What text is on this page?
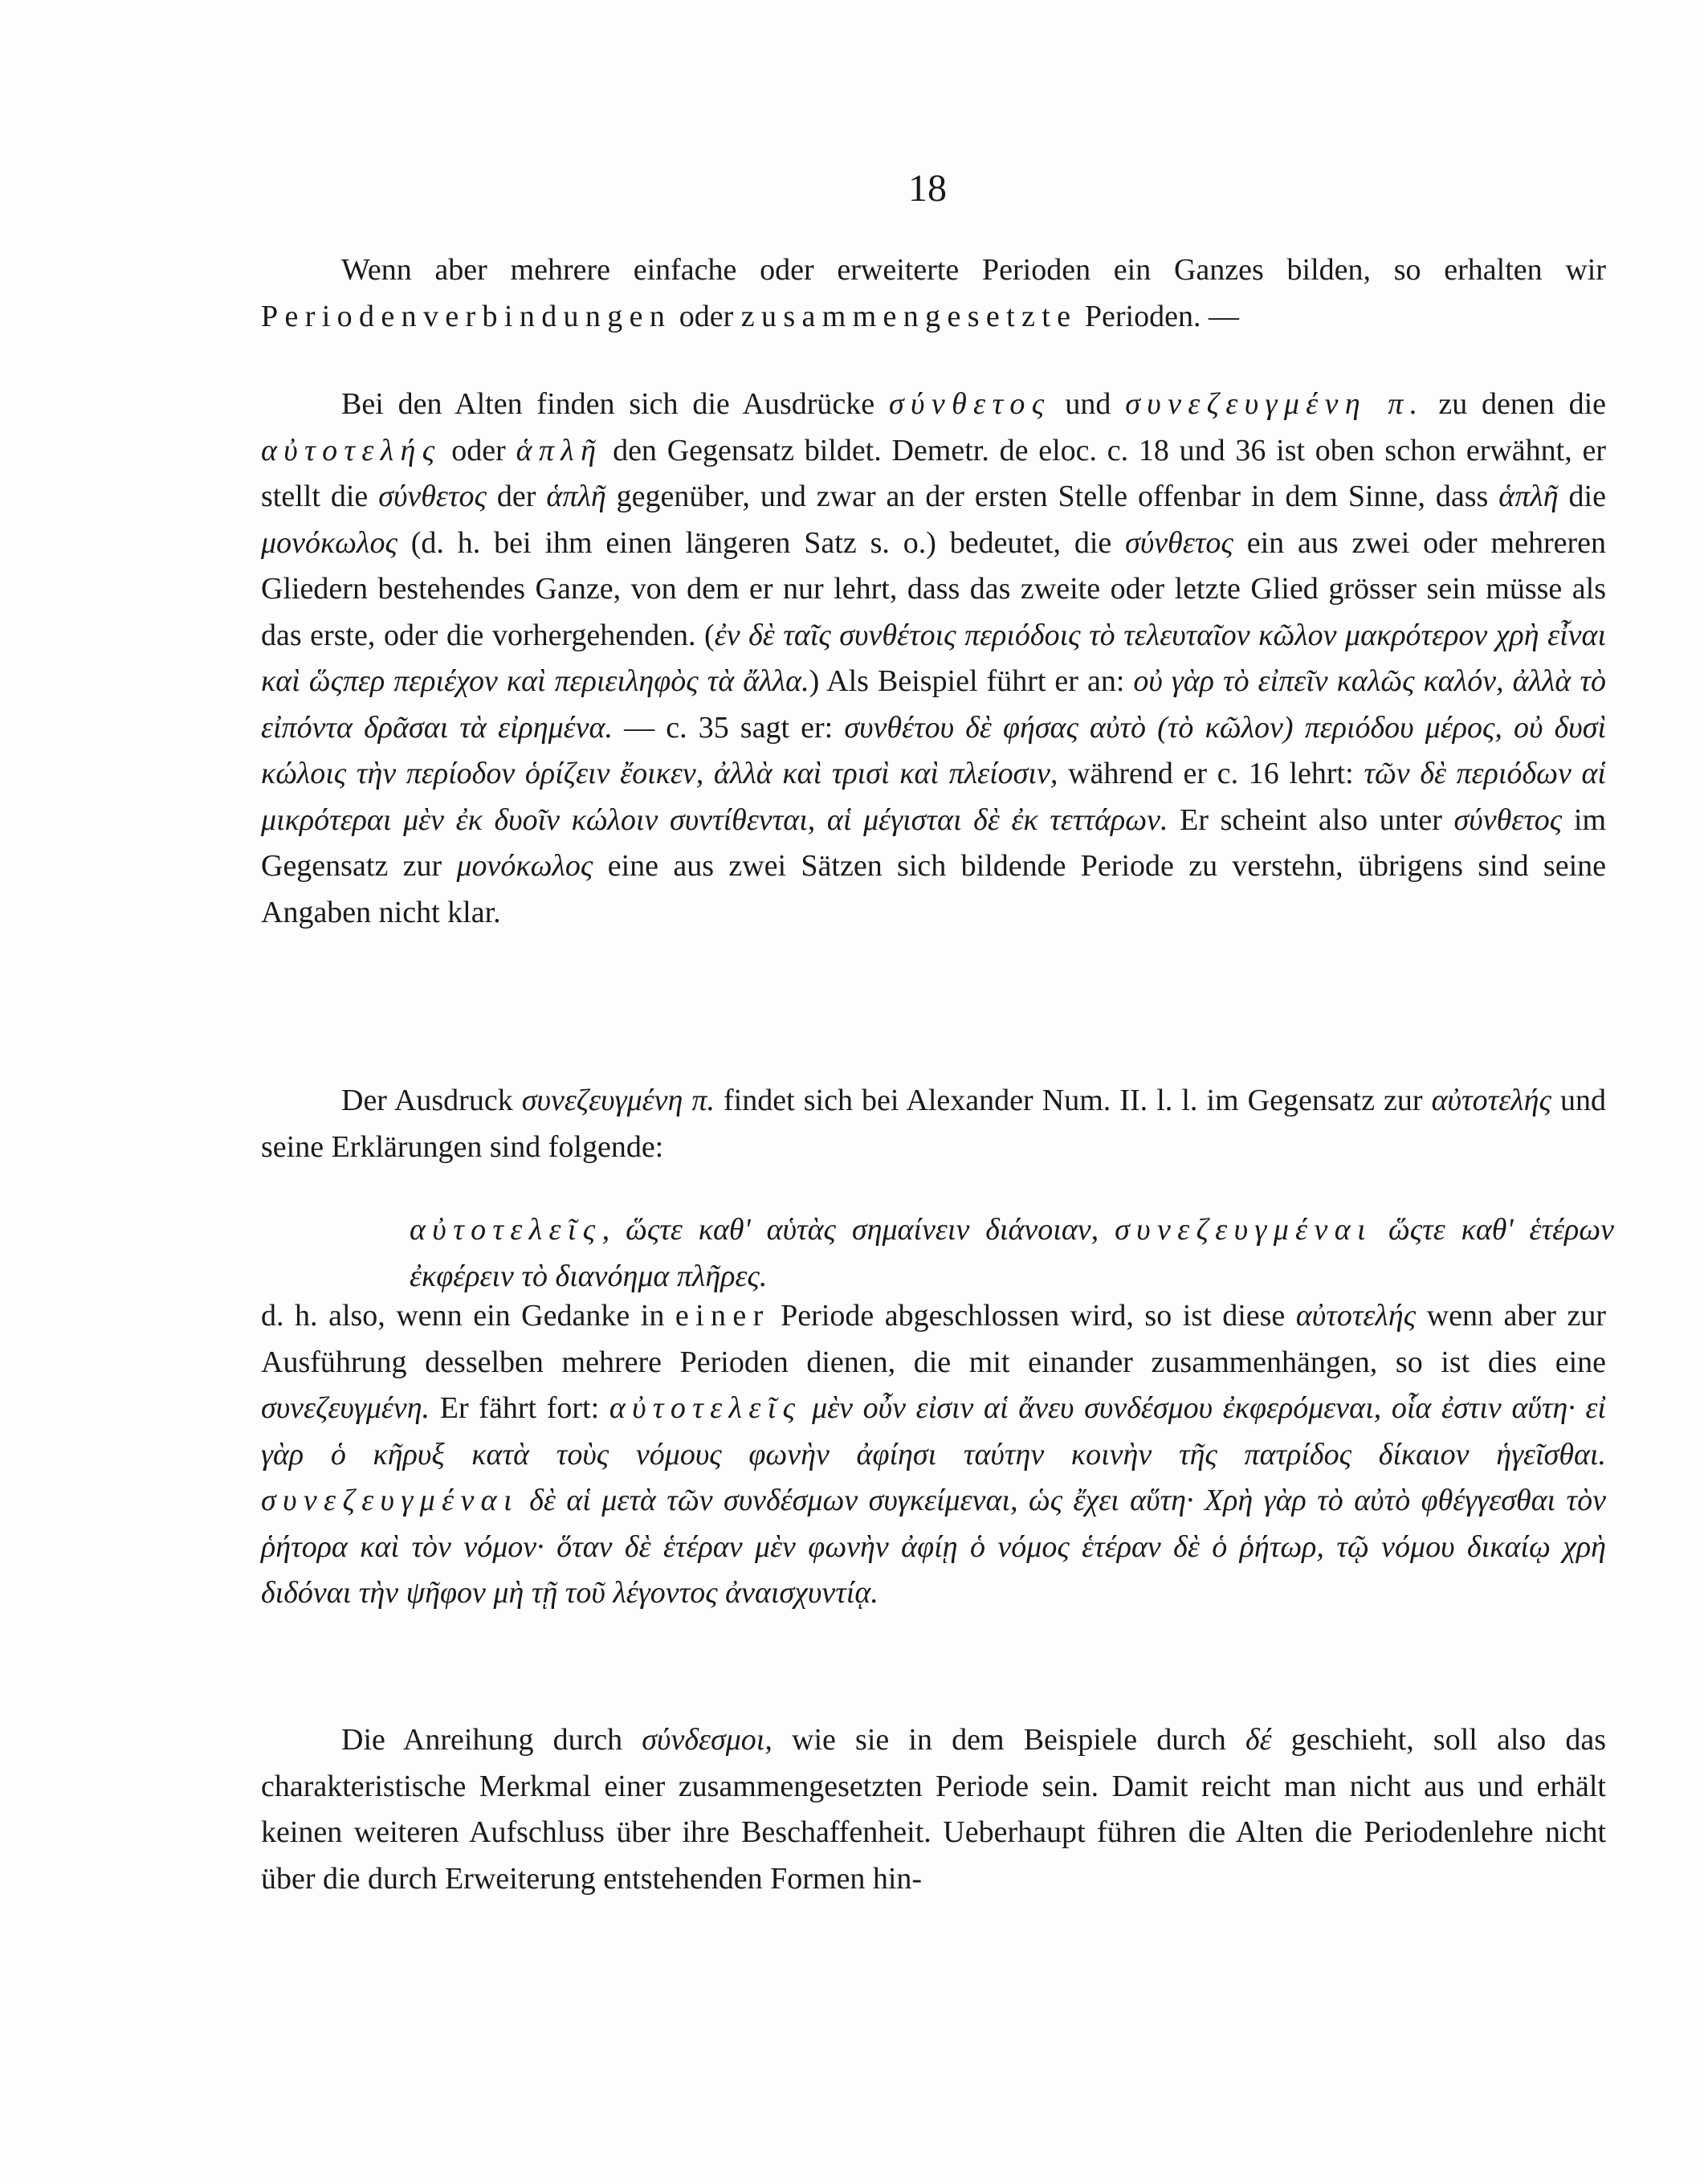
18

Wenn aber mehrere einfache oder erweiterte Perioden ein Ganzes bilden, so erhalten wir Periodenverbindungen oder zusammengesetzte Perioden. —

Bei den Alten finden sich die Ausdrücke σύνθετος und συνεζευγμένη π. zu denen die αὐτοτελής oder ἁπλῆ den Gegensatz bildet. Demetr. de eloc. c. 18 und 36 ist oben schon erwähnt, er stellt die σύνθετος der ἁπλῆ gegenüber, und zwar an der ersten Stelle offenbar in dem Sinne, dass ἁπλῆ die μονόκωλος (d. h. bei ihm einen längeren Satz s. o.) bedeutet, die σύνθετος ein aus zwei oder mehreren Gliedern bestehendes Ganze, von dem er nur lehrt, dass das zweite oder letzte Glied grösser sein müsse als das erste, oder die vorhergehenden. (ἐν δὲ ταῖς συνθέτοις περιόδοις τὸ τελευταῖον κῶλον μακρότερον χρὴ εἶναι καὶ ὥςπερ περιέχον καὶ περιειληφὸς τὰ ἄλλα.) Als Beispiel führt er an: οὐ γὰρ τὸ εἰπεῖν καλῶς καλόν, ἀλλὰ τὸ εἰπόντα δρᾶσαι τὰ εἰρημένα. — c. 35 sagt er: συνθέτου δὲ φήσας αὐτὸ (τὸ κῶλον) περιόδου μέρος, οὐ δυσὶ κώλοις τὴν περίοδον ὁρίζειν ἔοικεν, ἀλλὰ καὶ τρισὶ καὶ πλείοσιν, während er c. 16 lehrt: τῶν δὲ περιόδων αἱ μικρότεραι μὲν ἐκ δυοῖν κώλοιν συντίθενται, αἱ μέγισται δὲ ἐκ τεττάρων. Er scheint also unter σύνθετος im Gegensatz zur μονόκωλος eine aus zwei Sätzen sich bildende Periode zu verstehn, übrigens sind seine Angaben nicht klar.

Der Ausdruck συνεζευγμένη π. findet sich bei Alexander Num. II. l. l. im Gegensatz zur αὐτοτελής und seine Erklärungen sind folgende:

αὐτοτελεῖς, ὥςτε καθ' αὑτὰς σημαίνειν διάνοιαν, συνεζευγμέναι ὥςτε καθ' ἑτέρων ἐκφέρειν τὸ διανόημα πλῆρες.

d. h. also, wenn ein Gedanke in einer Periode abgeschlossen wird, so ist diese αὐτοτελής wenn aber zur Ausführung desselben mehrere Perioden dienen, die mit einander zusammenhängen, so ist dies eine συνεζευγμένη. Er fährt fort: αὐτοτελεῖς μὲν οὖν εἰσιν αἱ ἄνευ συνδέσμου ἐκφερόμεναι, οἷα ἐστιν αὕτη· εἰ γὰρ ὁ κῆρυξ κατὰ τοὺς νόμους φωνὴν ἀφίησι ταύτην κοινὴν τῆς πατρίδος δίκαιον ἡγεῖσθαι. συνεζευγμέναι δὲ αἱ μετὰ τῶν συνδέσμων συγκείμεναι, ὡς ἔχει αὕτη· Χρὴ γὰρ τὸ αὐτὸ φθέγγεσθαι τὸν ῥήτορα καὶ τὸν νόμον· ὅταν δὲ ἑτέραν μὲν φωνὴν ἀφίῃ ὁ νόμος ἑτέραν δὲ ὁ ῥήτωρ, τῷ νόμου δικαίῳ χρὴ διδόναι τὴν ψῆφον μὴ τῇ τοῦ λέγοντος ἀναισχυντίᾳ.

Die Anreihung durch σύνδεσμοι, wie sie in dem Beispiele durch δέ geschieht, soll also das charakteristische Merkmal einer zusammengesetzten Periode sein. Damit reicht man nicht aus und erhält keinen weiteren Aufschluss über ihre Beschaffenheit. Ueberhaupt führen die Alten die Periodenlehre nicht über die durch Erweiterung entstehenden Formen hin-
